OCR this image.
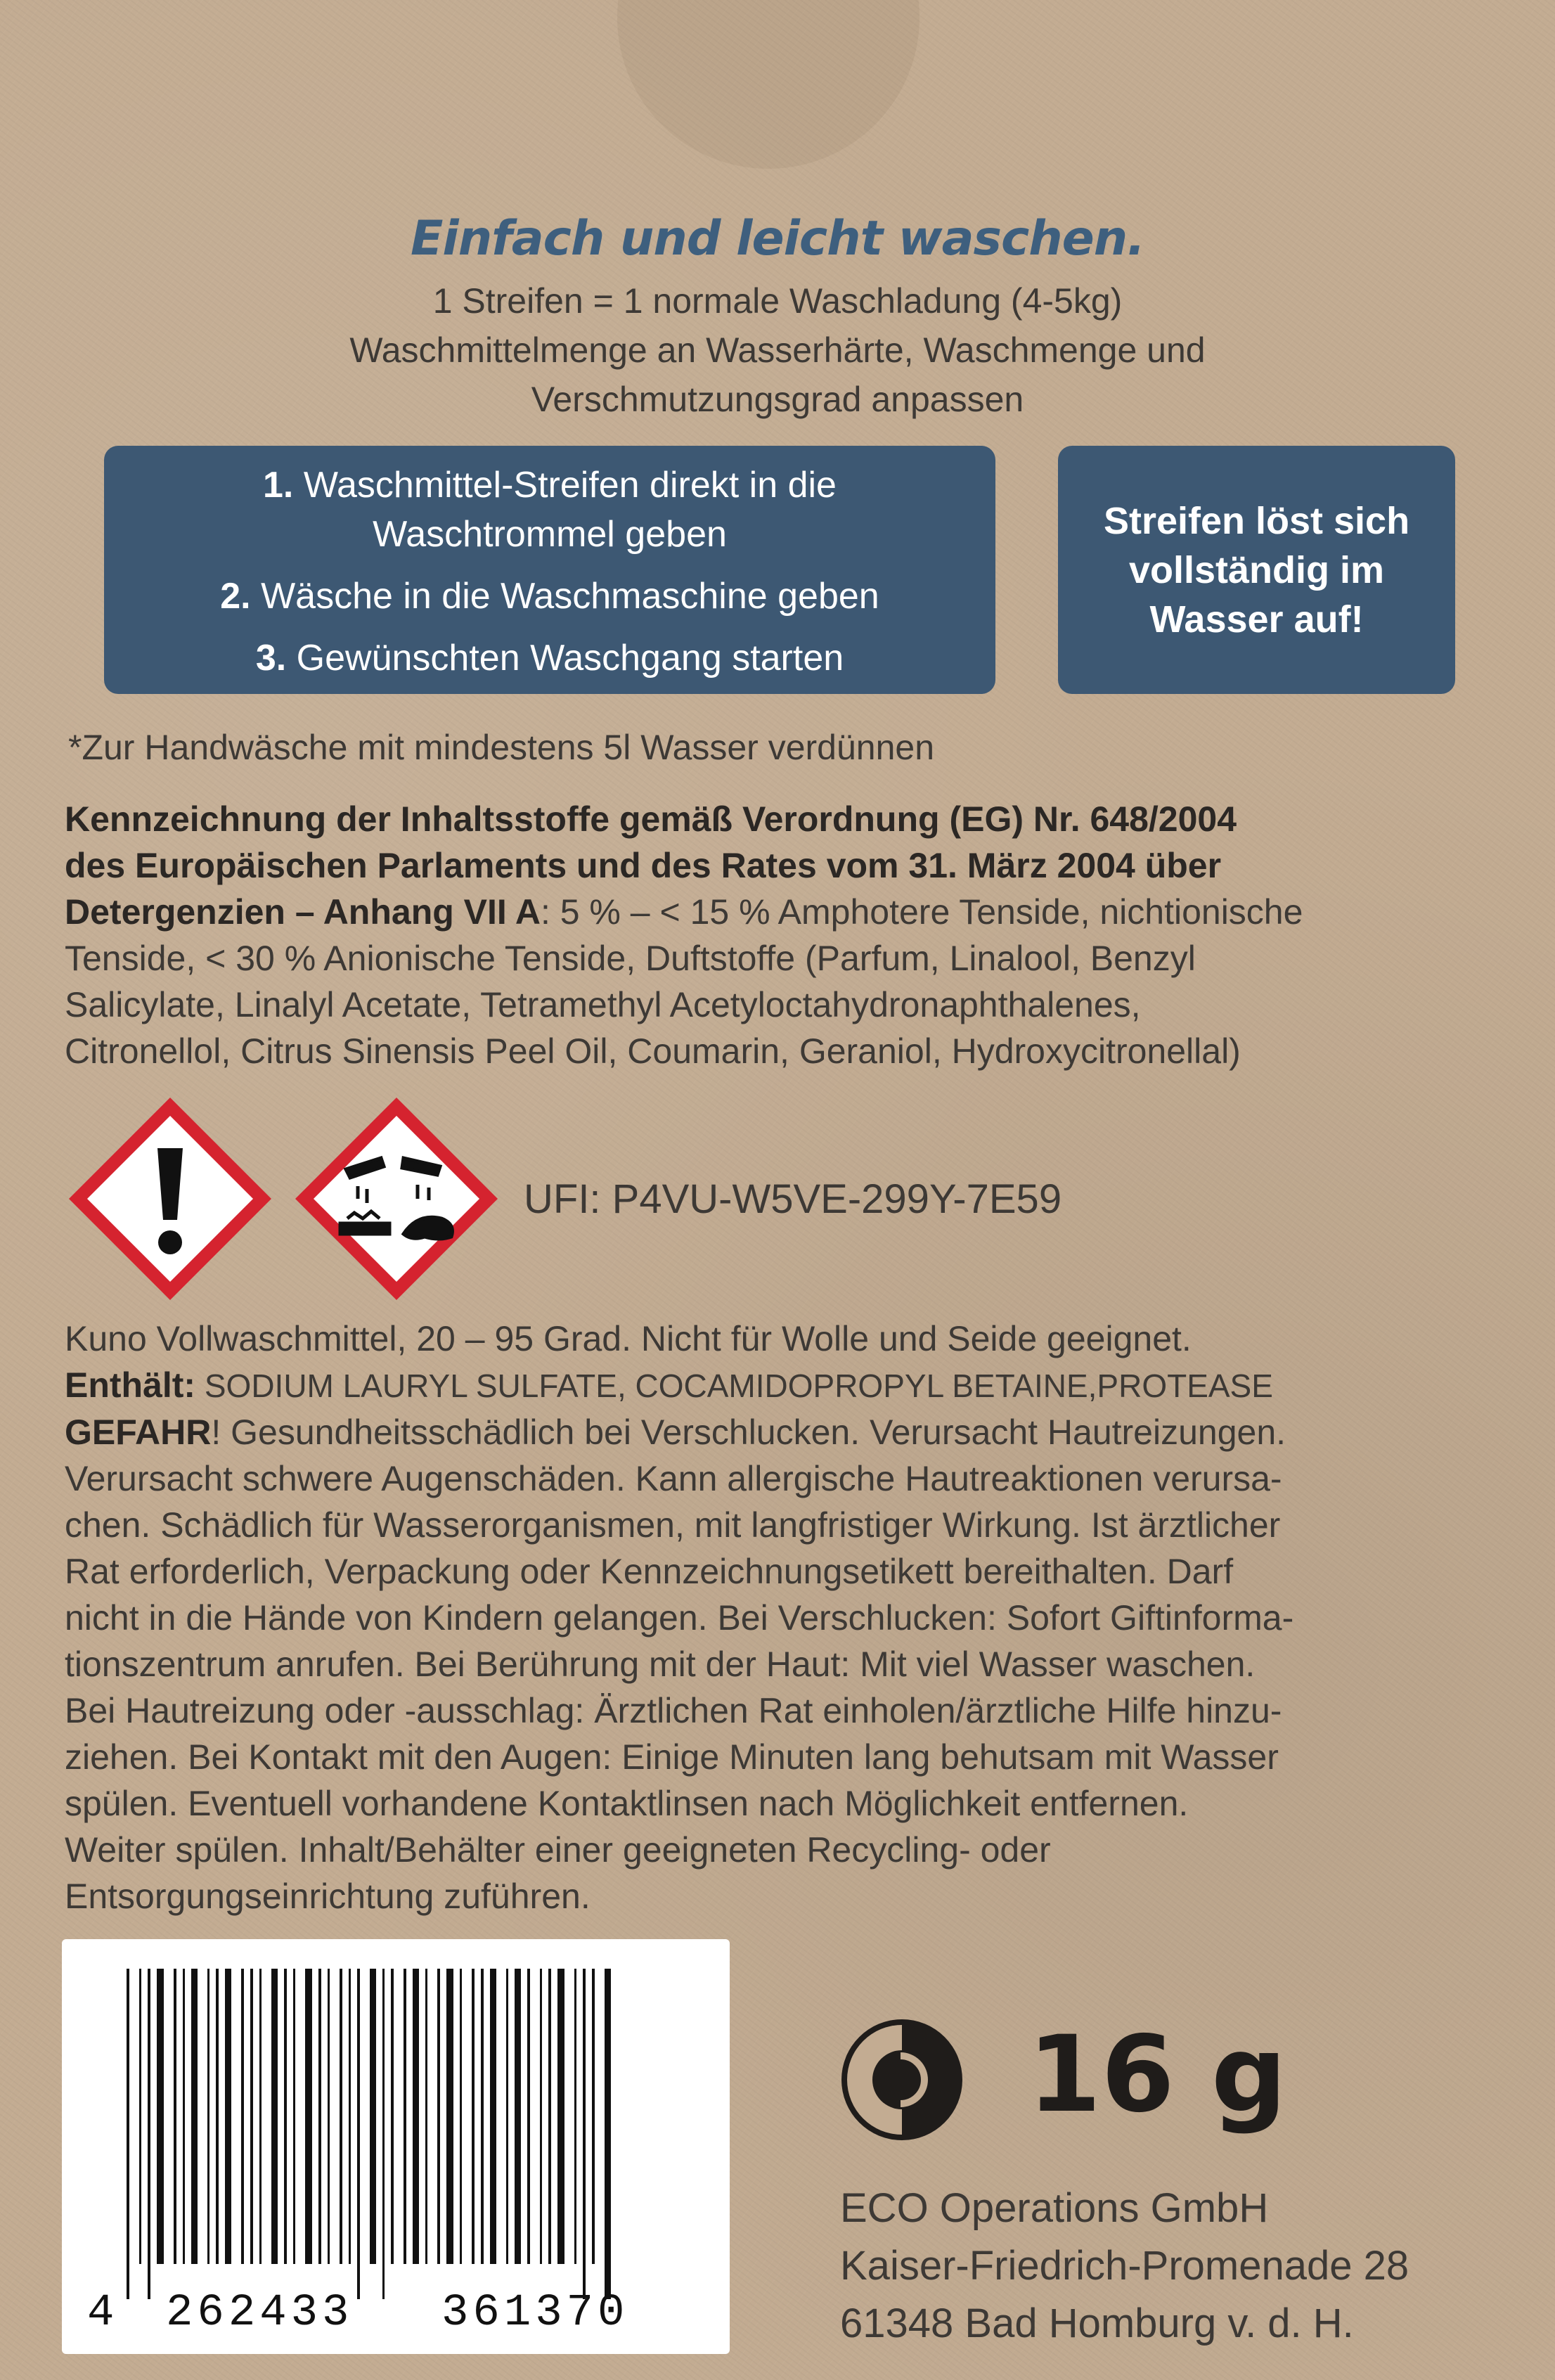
Einfach und leicht waschen.
1 Streifen = 1 normale Waschladung (4-5kg)
Waschmittelmenge an Wasserhärte, Waschmenge und
Verschmutzungsgrad anpassen
1. Waschmittel-Streifen direkt in die
Waschtrommel geben
2. Wäsche in die Waschmaschine geben
3. Gewünschten Waschgang starten
Streifen löst sich vollständig im Wasser auf!
*Zur Handwäsche mit mindestens 5l Wasser verdünnen
Kennzeichnung der Inhaltsstoffe gemäß Verordnung (EG) Nr. 648/2004
des Europäischen Parlaments und des Rates vom 31. März 2004 über
Detergenzien – Anhang VII A: 5 % – < 15 % Amphotere Tenside, nichtionische
Tenside, < 30 % Anionische Tenside, Duftstoffe (Parfum, Linalool, Benzyl
Salicylate, Linalyl Acetate, Tetramethyl Acetyloctahydronaphthalenes,
Citronellol, Citrus Sinensis Peel Oil, Coumarin, Geraniol, Hydroxycitronellal)
UFI: P4VU-W5VE-299Y-7E59
Kuno Vollwaschmittel, 20 – 95 Grad. Nicht für Wolle und Seide geeignet.
Enthält: SODIUM LAURYL SULFATE, COCAMIDOPROPYL BETAINE,PROTEASE
GEFAHR! Gesundheitsschädlich bei Verschlucken. Verursacht Hautreizungen.
Verursacht schwere Augenschäden. Kann allergische Hautreaktionen verursa-
chen. Schädlich für Wasserorganismen, mit langfristiger Wirkung. Ist ärztlicher
Rat erforderlich, Verpackung oder Kennzeichnungsetikett bereithalten. Darf
nicht in die Hände von Kindern gelangen. Bei Verschlucken: Sofort Giftinforma-
tionszentrum anrufen. Bei Berührung mit der Haut: Mit viel Wasser waschen.
Bei Hautreizung oder -ausschlag: Ärztlichen Rat einholen/ärztliche Hilfe hinzu-
ziehen. Bei Kontakt mit den Augen: Einige Minuten lang behutsam mit Wasser
spülen. Eventuell vorhandene Kontaktlinsen nach Möglichkeit entfernen.
Weiter spülen. Inhalt/Behälter einer geeigneten Recycling- oder
Entsorgungseinrichtung zuführen.
4 262433 361370
16 g
ECO Operations GmbH
Kaiser-Friedrich-Promenade 28
61348 Bad Homburg v. d. H.
